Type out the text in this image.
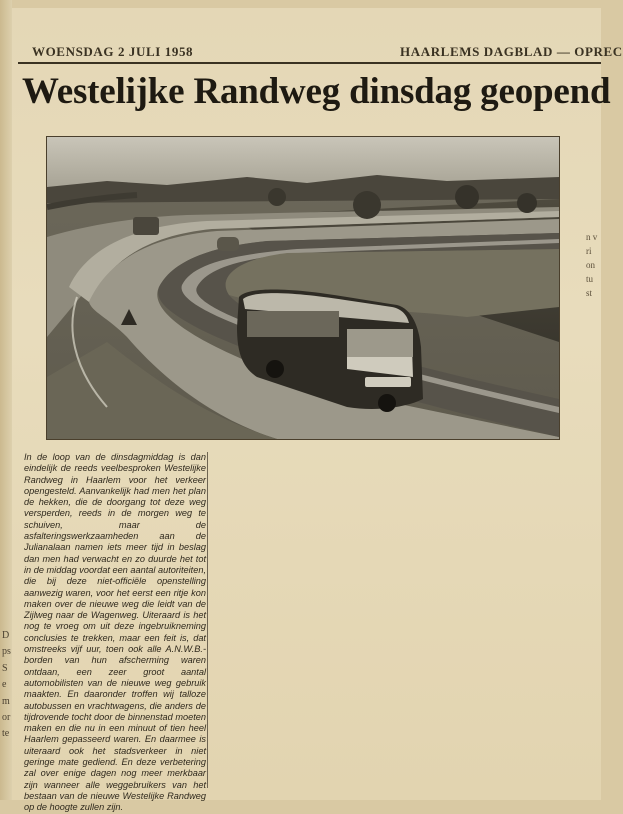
WOENSDAG 2 JULI 1958	HAARLEMS DAGBLAD — OPREC
Westelijke Randweg dinsdag geopend
In de loop van de dinsdagmiddag is dan eindelijk de reeds veelbesproken Westelijke Randweg in Haarlem voor het verkeer opengesteld. Aanvankelijk had men het plan de hekken, die de doorgang tot deze weg versperden, reeds in de morgen weg te schuiven, maar de asfalteringswerkzaamheden aan de Julianalaan namen iets meer tijd in beslag dan men had verwacht en zo duurde het tot in de middag voordat een aantal autoriteiten, die bij deze niet-officiële openstelling aanwezig waren, voor het eerst een ritje kon maken over de nieuwe weg die leidt van de Zijlweg naar de Wagenweg. Uiteraard is het nog te vroeg om uit deze ingebruikneming conclusies te trekken, maar een feit is, dat omstreeks vijf uur, toen ook alle A.N.W.B.-borden van hun afscherming waren ontdaan, een zeer groot aantal automobilisten van de nieuwe weg gebruik maakten. En daaronder troffen wij talloze autobussen en vrachtwagens, die anders de tijdrovende tocht door de binnenstad moeten maken en die nu in een minuut of tien heel Haarlem gepasseerd waren. En daarmee is uiteraard ook het stadsverkeer in niet geringe mate gediend. En deze verbetering zal over enige dagen nog meer merkbaar zijn wanneer alle weggebruikers van het bestaan van de nieuwe Westelijke Randweg op de hoogte zullen zijn.
D ps S e m or te
n v ri on tu st
